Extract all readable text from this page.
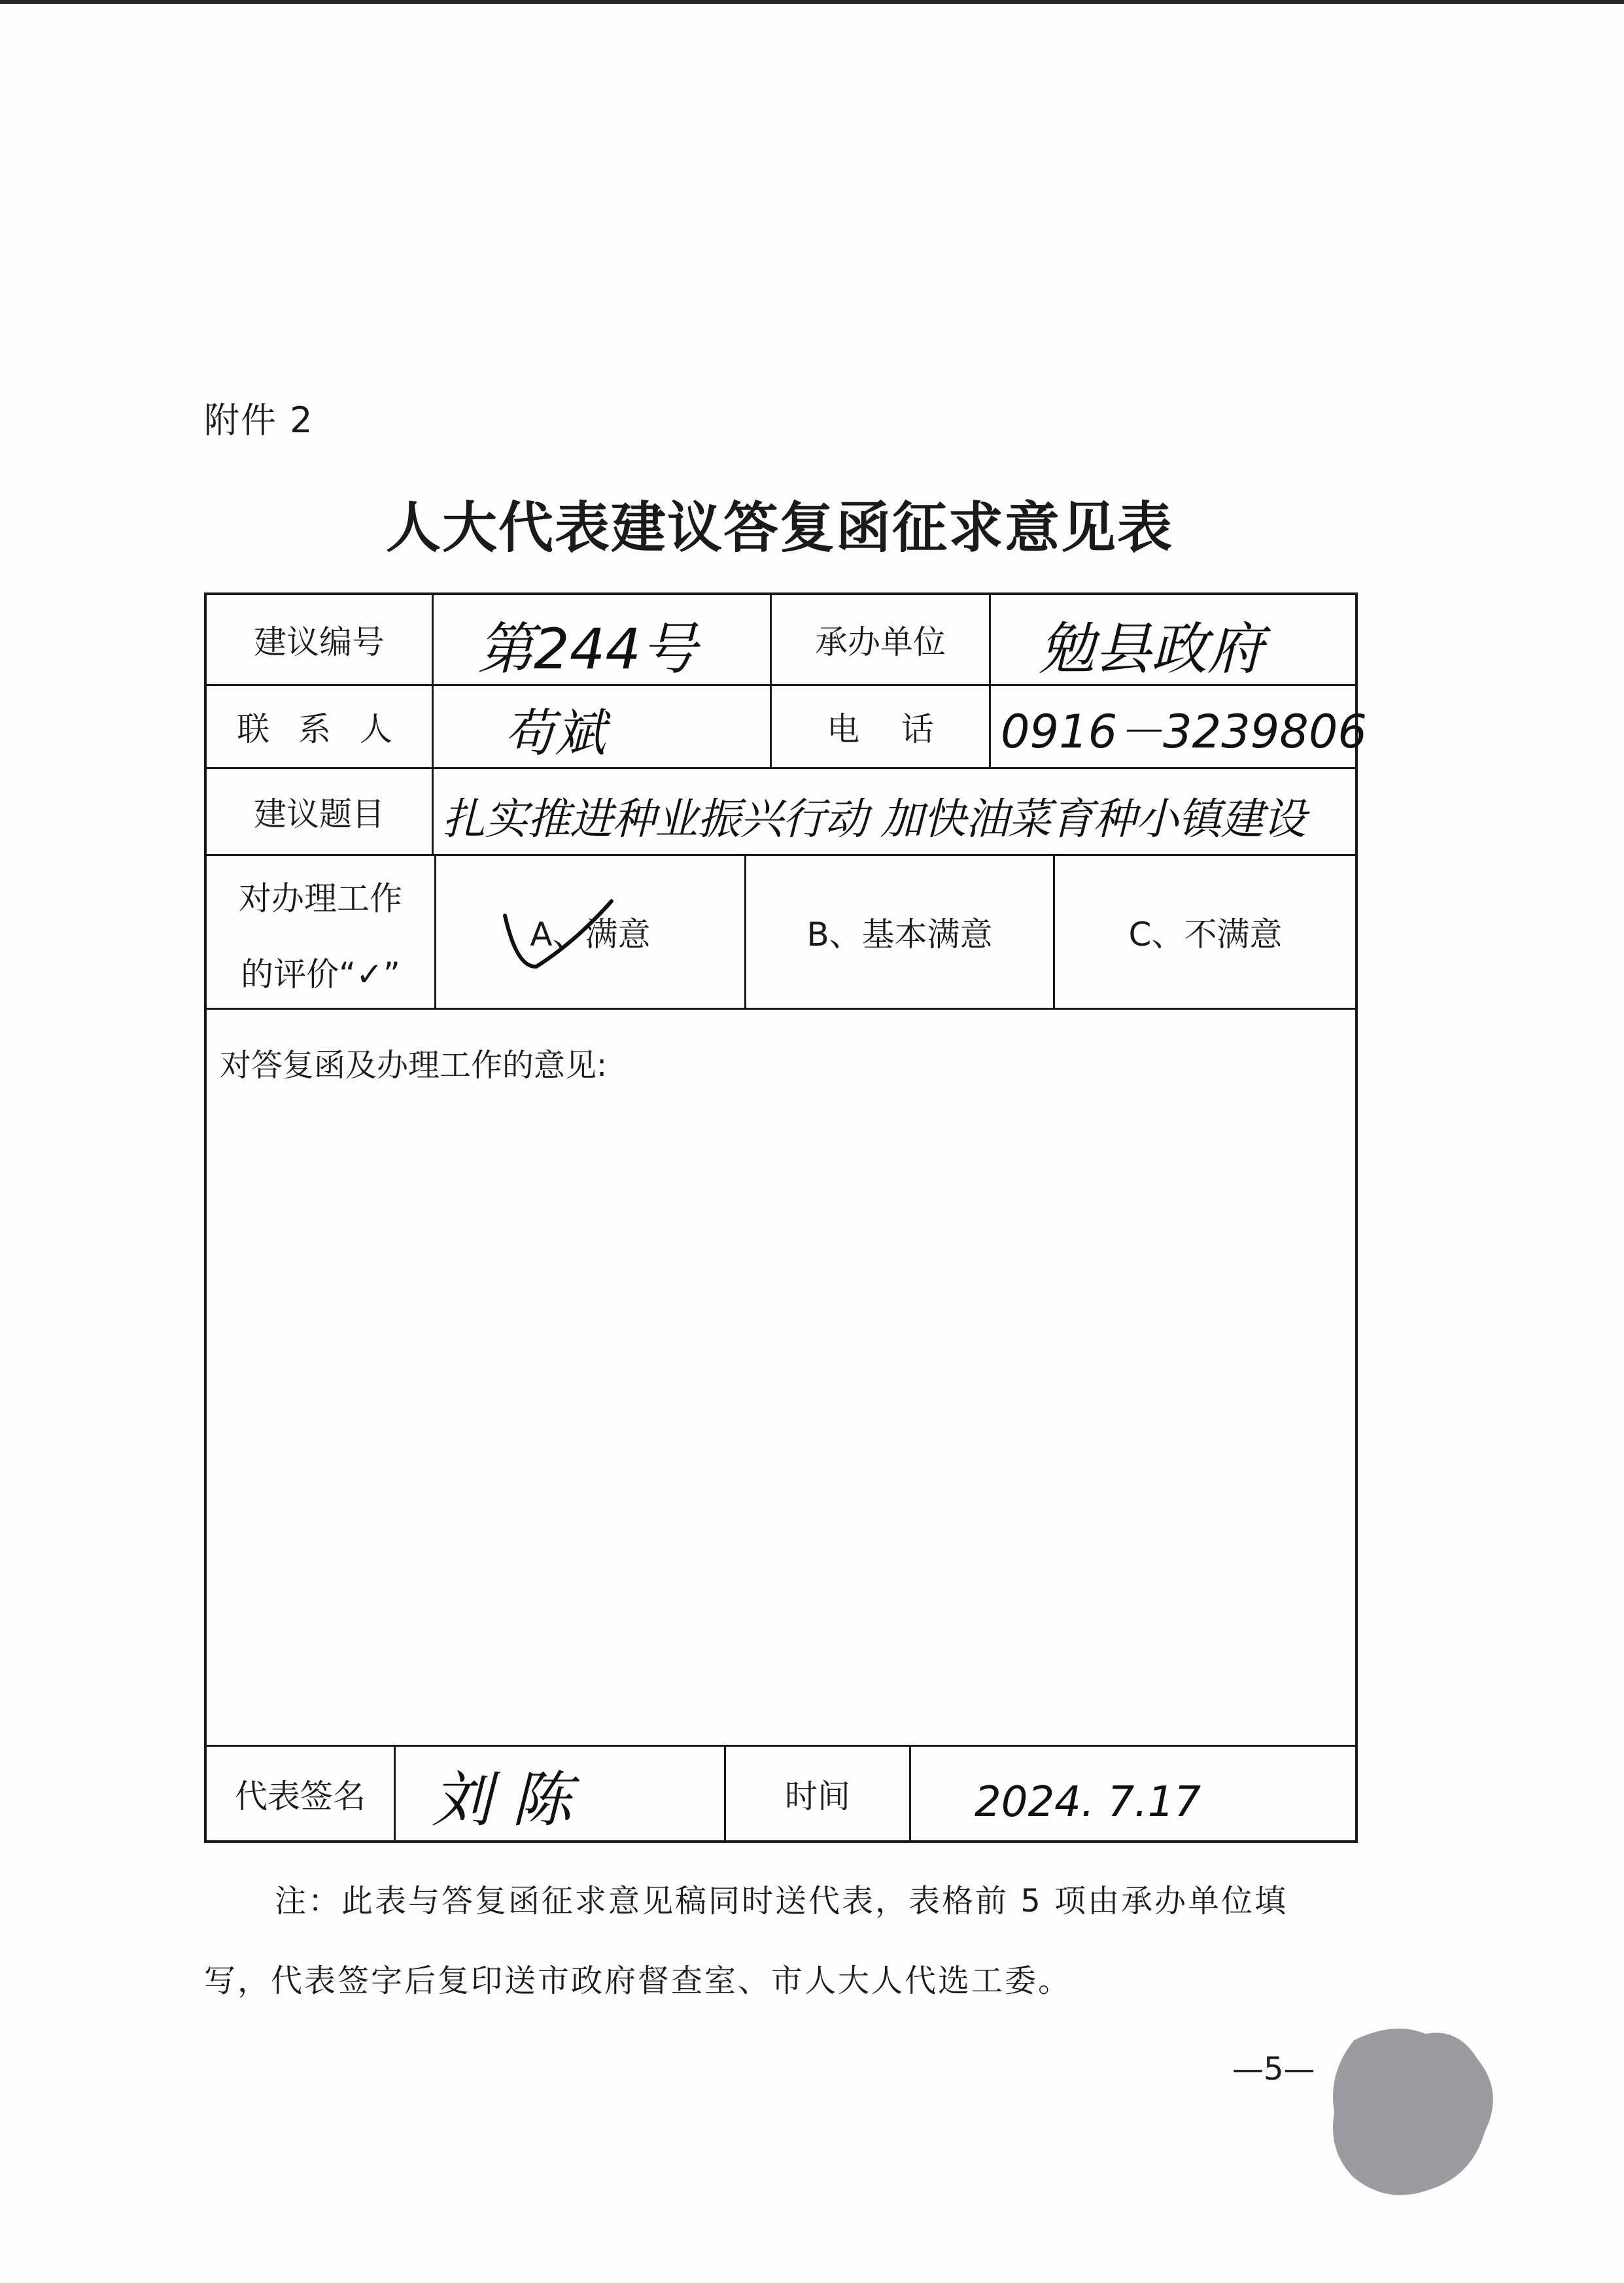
附件 2
人大代表建议答复函征求意见表
建议编号	第244号	承办单位	勉县政府
联 系 人	苟斌	电    话	0916－3239806
建议题目	扎实推进种业振兴行动 加快油菜育种小镇建设
对办理工作
的评价“✓”
A、满意	B、基本满意	C、不满意
对答复函及办理工作的意见:
代表签名	刘陈	时间	2024. 7.17
注：此表与答复函征求意见稿同时送代表，表格前 5 项由承办单位填
写，代表签字后复印送市政府督查室、市人大人代选工委。
—5—
